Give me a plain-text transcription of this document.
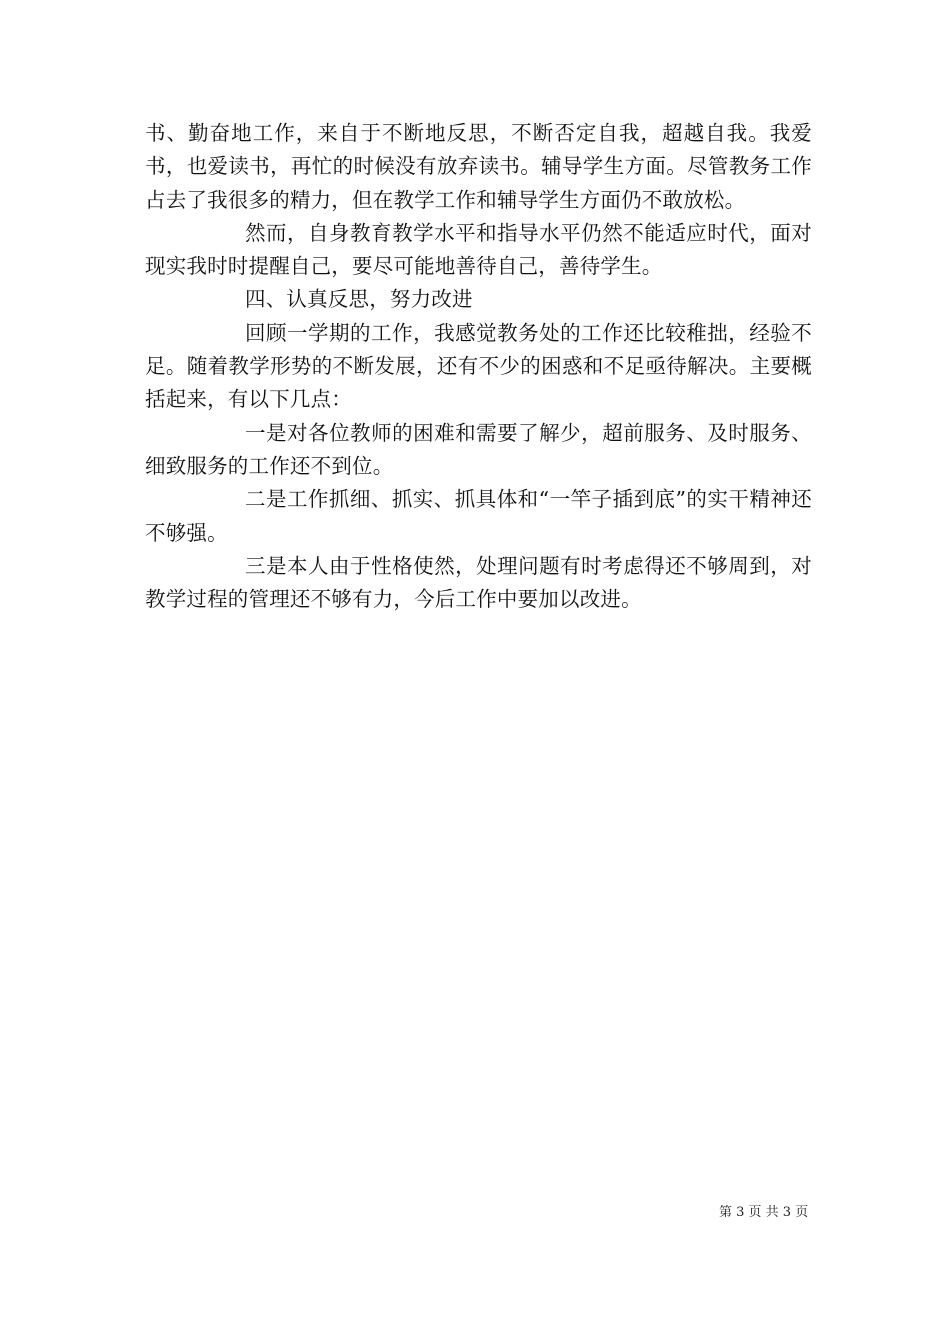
书、勤奋地工作，来自于不断地反思，不断否定自我，超越自我。我爱书，也爱读书，再忙的时候没有放弃读书。辅导学生方面。尽管教务工作占去了我很多的精力，但在教学工作和辅导学生方面仍不敢放松。

然而，自身教育教学水平和指导水平仍然不能适应时代，面对现实我时时提醒自己，要尽可能地善待自己，善待学生。

四、认真反思，努力改进

回顾一学期的工作，我感觉教务处的工作还比较稚拙，经验不足。随着教学形势的不断发展，还有不少的困惑和不足亟待解决。主要概括起来，有以下几点：

一是对各位教师的困难和需要了解少，超前服务、及时服务、细致服务的工作还不到位。

二是工作抓细、抓实、抓具体和“一竿子插到底”的实干精神还不够强。

三是本人由于性格使然，处理问题有时考虑得还不够周到，对教学过程的管理还不够有力，今后工作中要加以改进。

第 3 页 共 3 页
